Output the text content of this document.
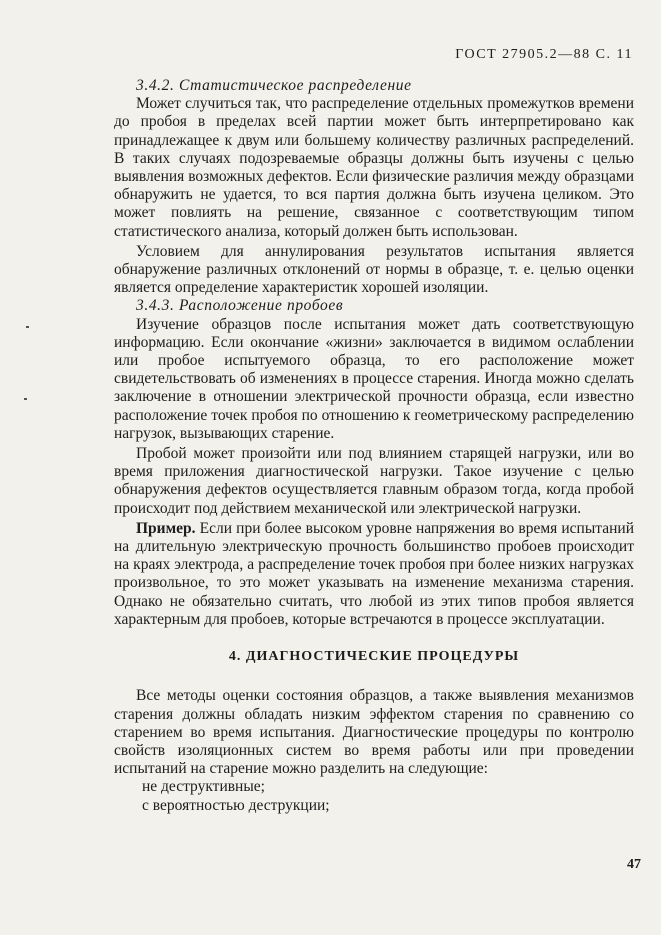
ГОСТ 27905.2—88 С. 11
3.4.2. Статистическое распределение

Может случиться так, что распределение отдельных промежутков времени до пробоя в пределах всей партии может быть интерпретировано как принадлежащее к двум или большему количеству различных распределений. В таких случаях подозреваемые образцы должны быть изучены с целью выявления возможных дефектов. Если физические различия между образцами обнаружить не удается, то вся партия должна быть изучена целиком. Это может повлиять на решение, связанное с соответствующим типом статистического анализа, который должен быть использован.

Условием для аннулирования результатов испытания является обнаружение различных отклонений от нормы в образце, т. е. целью оценки является определение характеристик хорошей изоляции.

3.4.3. Расположение пробоев

Изучение образцов после испытания может дать соответствующую информацию. Если окончание «жизни» заключается в видимом ослаблении или пробое испытуемого образца, то его расположение может свидетельствовать об изменениях в процессе старения. Иногда можно сделать заключение в отношении электрической прочности образца, если известно расположение точек пробоя по отношению к геометрическому распределению нагрузок, вызывающих старение.

Пробой может произойти или под влиянием старящей нагрузки, или во время приложения диагностической нагрузки. Такое изучение с целью обнаружения дефектов осуществляется главным образом тогда, когда пробой происходит под действием механической или электрической нагрузки.

Пример. Если при более высоком уровне напряжения во время испытаний на длительную электрическую прочность большинство пробоев происходит на краях электрода, а распределение точек пробоя при более низких нагрузках произвольное, то это может указывать на изменение механизма старения. Однако не обязательно считать, что любой из этих типов пробоя является характерным для пробоев, которые встречаются в процессе эксплуатации.

4. ДИАГНОСТИЧЕСКИЕ ПРОЦЕДУРЫ

Все методы оценки состояния образцов, а также выявления механизмов старения должны обладать низким эффектом старения по сравнению со старением во время испытания. Диагностические процедуры по контролю свойств изоляционных систем во время работы или при проведении испытаний на старение можно разделить на следующие:

не деструктивные;
с вероятностью деструкции;
47
